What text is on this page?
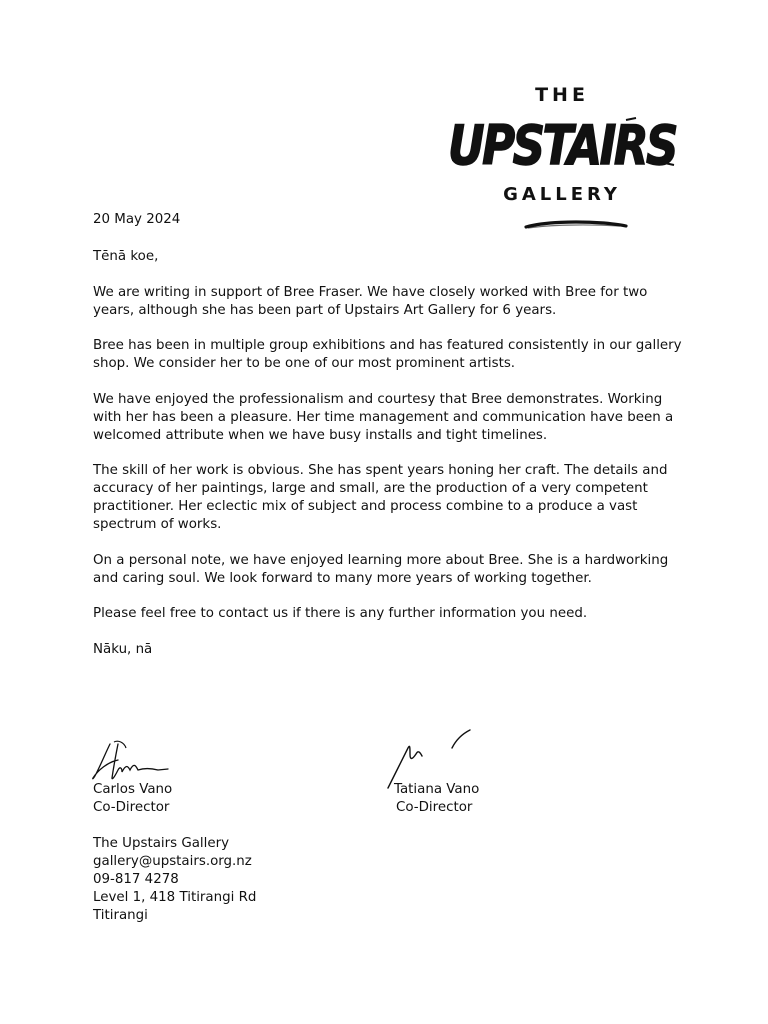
THE
UPSTAIRS
GALLERY

20 May 2024

Tēnā koe,

We are writing in support of Bree Fraser. We have closely worked with Bree for two years, although she has been part of Upstairs Art Gallery for 6 years.

Bree has been in multiple group exhibitions and has featured consistently in our gallery shop. We consider her to be one of our most prominent artists.

We have enjoyed the professionalism and courtesy that Bree demonstrates. Working with her has been a pleasure. Her time management and communication have been a welcomed attribute when we have busy installs and tight timelines.

The skill of her work is obvious. She has spent years honing her craft. The details and accuracy of her paintings, large and small, are the production of a very competent practitioner. Her eclectic mix of subject and process combine to a produce a vast spectrum of works.

On a personal note, we have enjoyed learning more about Bree. She is a hardworking and caring soul. We look forward to many more years of working together.

Please feel free to contact us if there is any further information you need.

Nāku, nā

Carlos Vano
Co-Director
Tatiana Vano
Co-Director
The Upstairs Gallery
gallery@upstairs.org.nz
09-817 4278
Level 1, 418 Titirangi Rd
Titirangi
